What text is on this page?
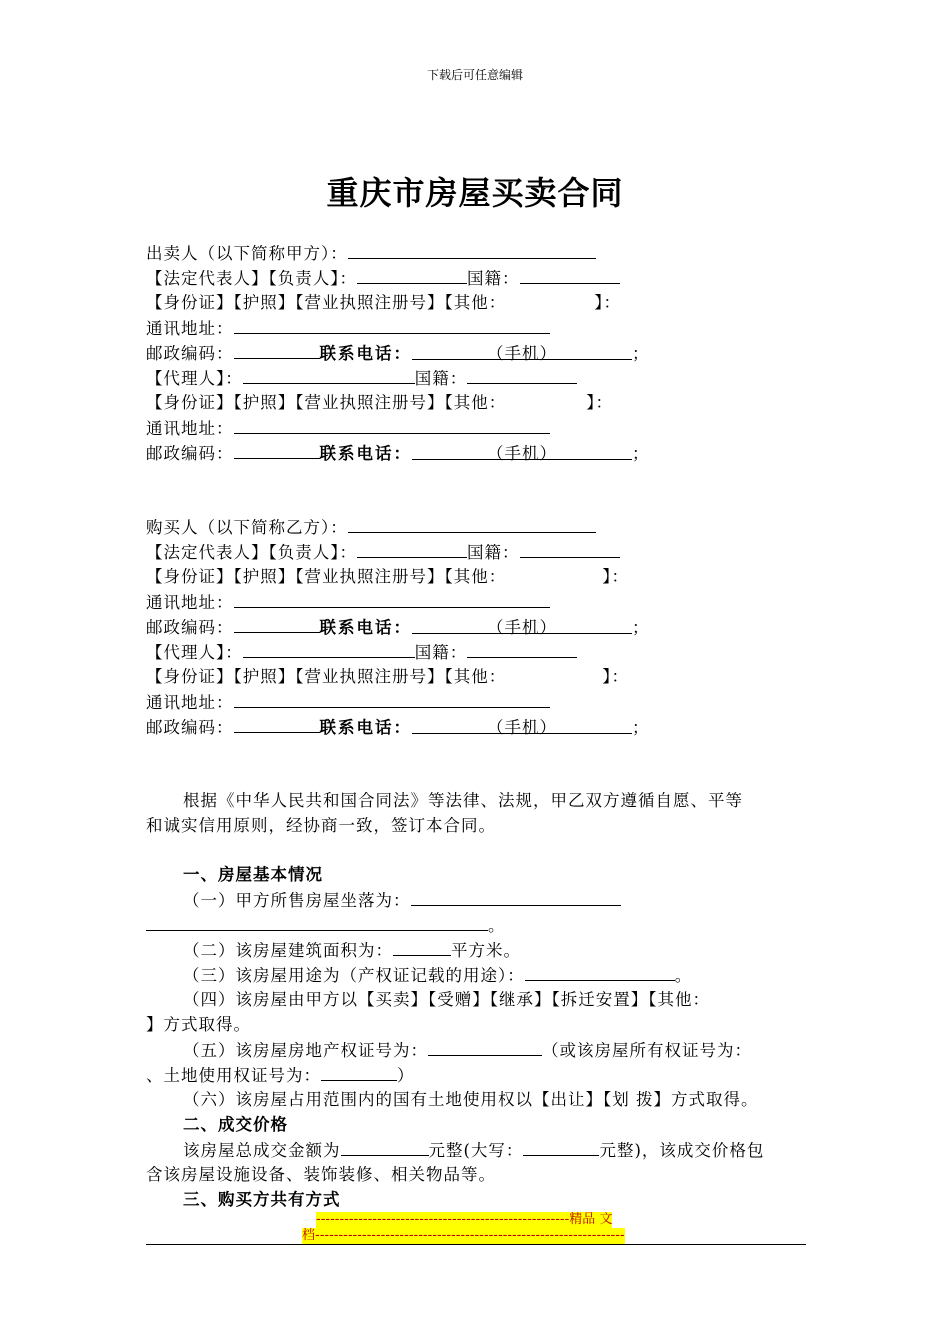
下载后可任意编辑
重庆市房屋买卖合同
出卖人（以下简称甲方）：
【法定代表人】【负责人】：	国籍：
【身份证】【护照】【营业执照注册号】【其他：	】：
通讯地址：
邮政编码：	联系电话：	（手机）	；
【代理人】：	国籍：
【身份证】【护照】【营业执照注册号】【其他：	】：
通讯地址：
邮政编码：	联系电话：	（手机）	；
购买人（以下简称乙方）：
【法定代表人】【负责人】：	国籍：
【身份证】【护照】【营业执照注册号】【其他：	】：
通讯地址：
邮政编码：	联系电话：	（手机）	；
【代理人】：	国籍：
【身份证】【护照】【营业执照注册号】【其他：	】：
通讯地址：
邮政编码：	联系电话：	（手机）	；
根据《中华人民共和国合同法》等法律、法规，甲乙双方遵循自愿、平等
和诚实信用原则，经协商一致，签订本合同。
一、房屋基本情况
（一）甲方所售房屋坐落为：
。
（二）该房屋建筑面积为：	平方米。
（三）该房屋用途为（产权证记载的用途）：	。
（四）该房屋由甲方以【买卖】【受赠】【继承】【拆迁安置】【其他：
】方式取得。
（五）该房屋房地产权证号为：	（或该房屋所有权证号为：
、土地使用权证号为：	）
（六）该房屋占用范围内的国有土地使用权以【出让】【划 拨】方式取得。
二、成交价格
该房屋总成交金额为	元整(大写：	元整)，该成交价格包
含该房屋设施设备、装饰装修、相关物品等。
三、购买方共有方式
------------------------------------------------------精品 文
档------------------------------------------------------------------
